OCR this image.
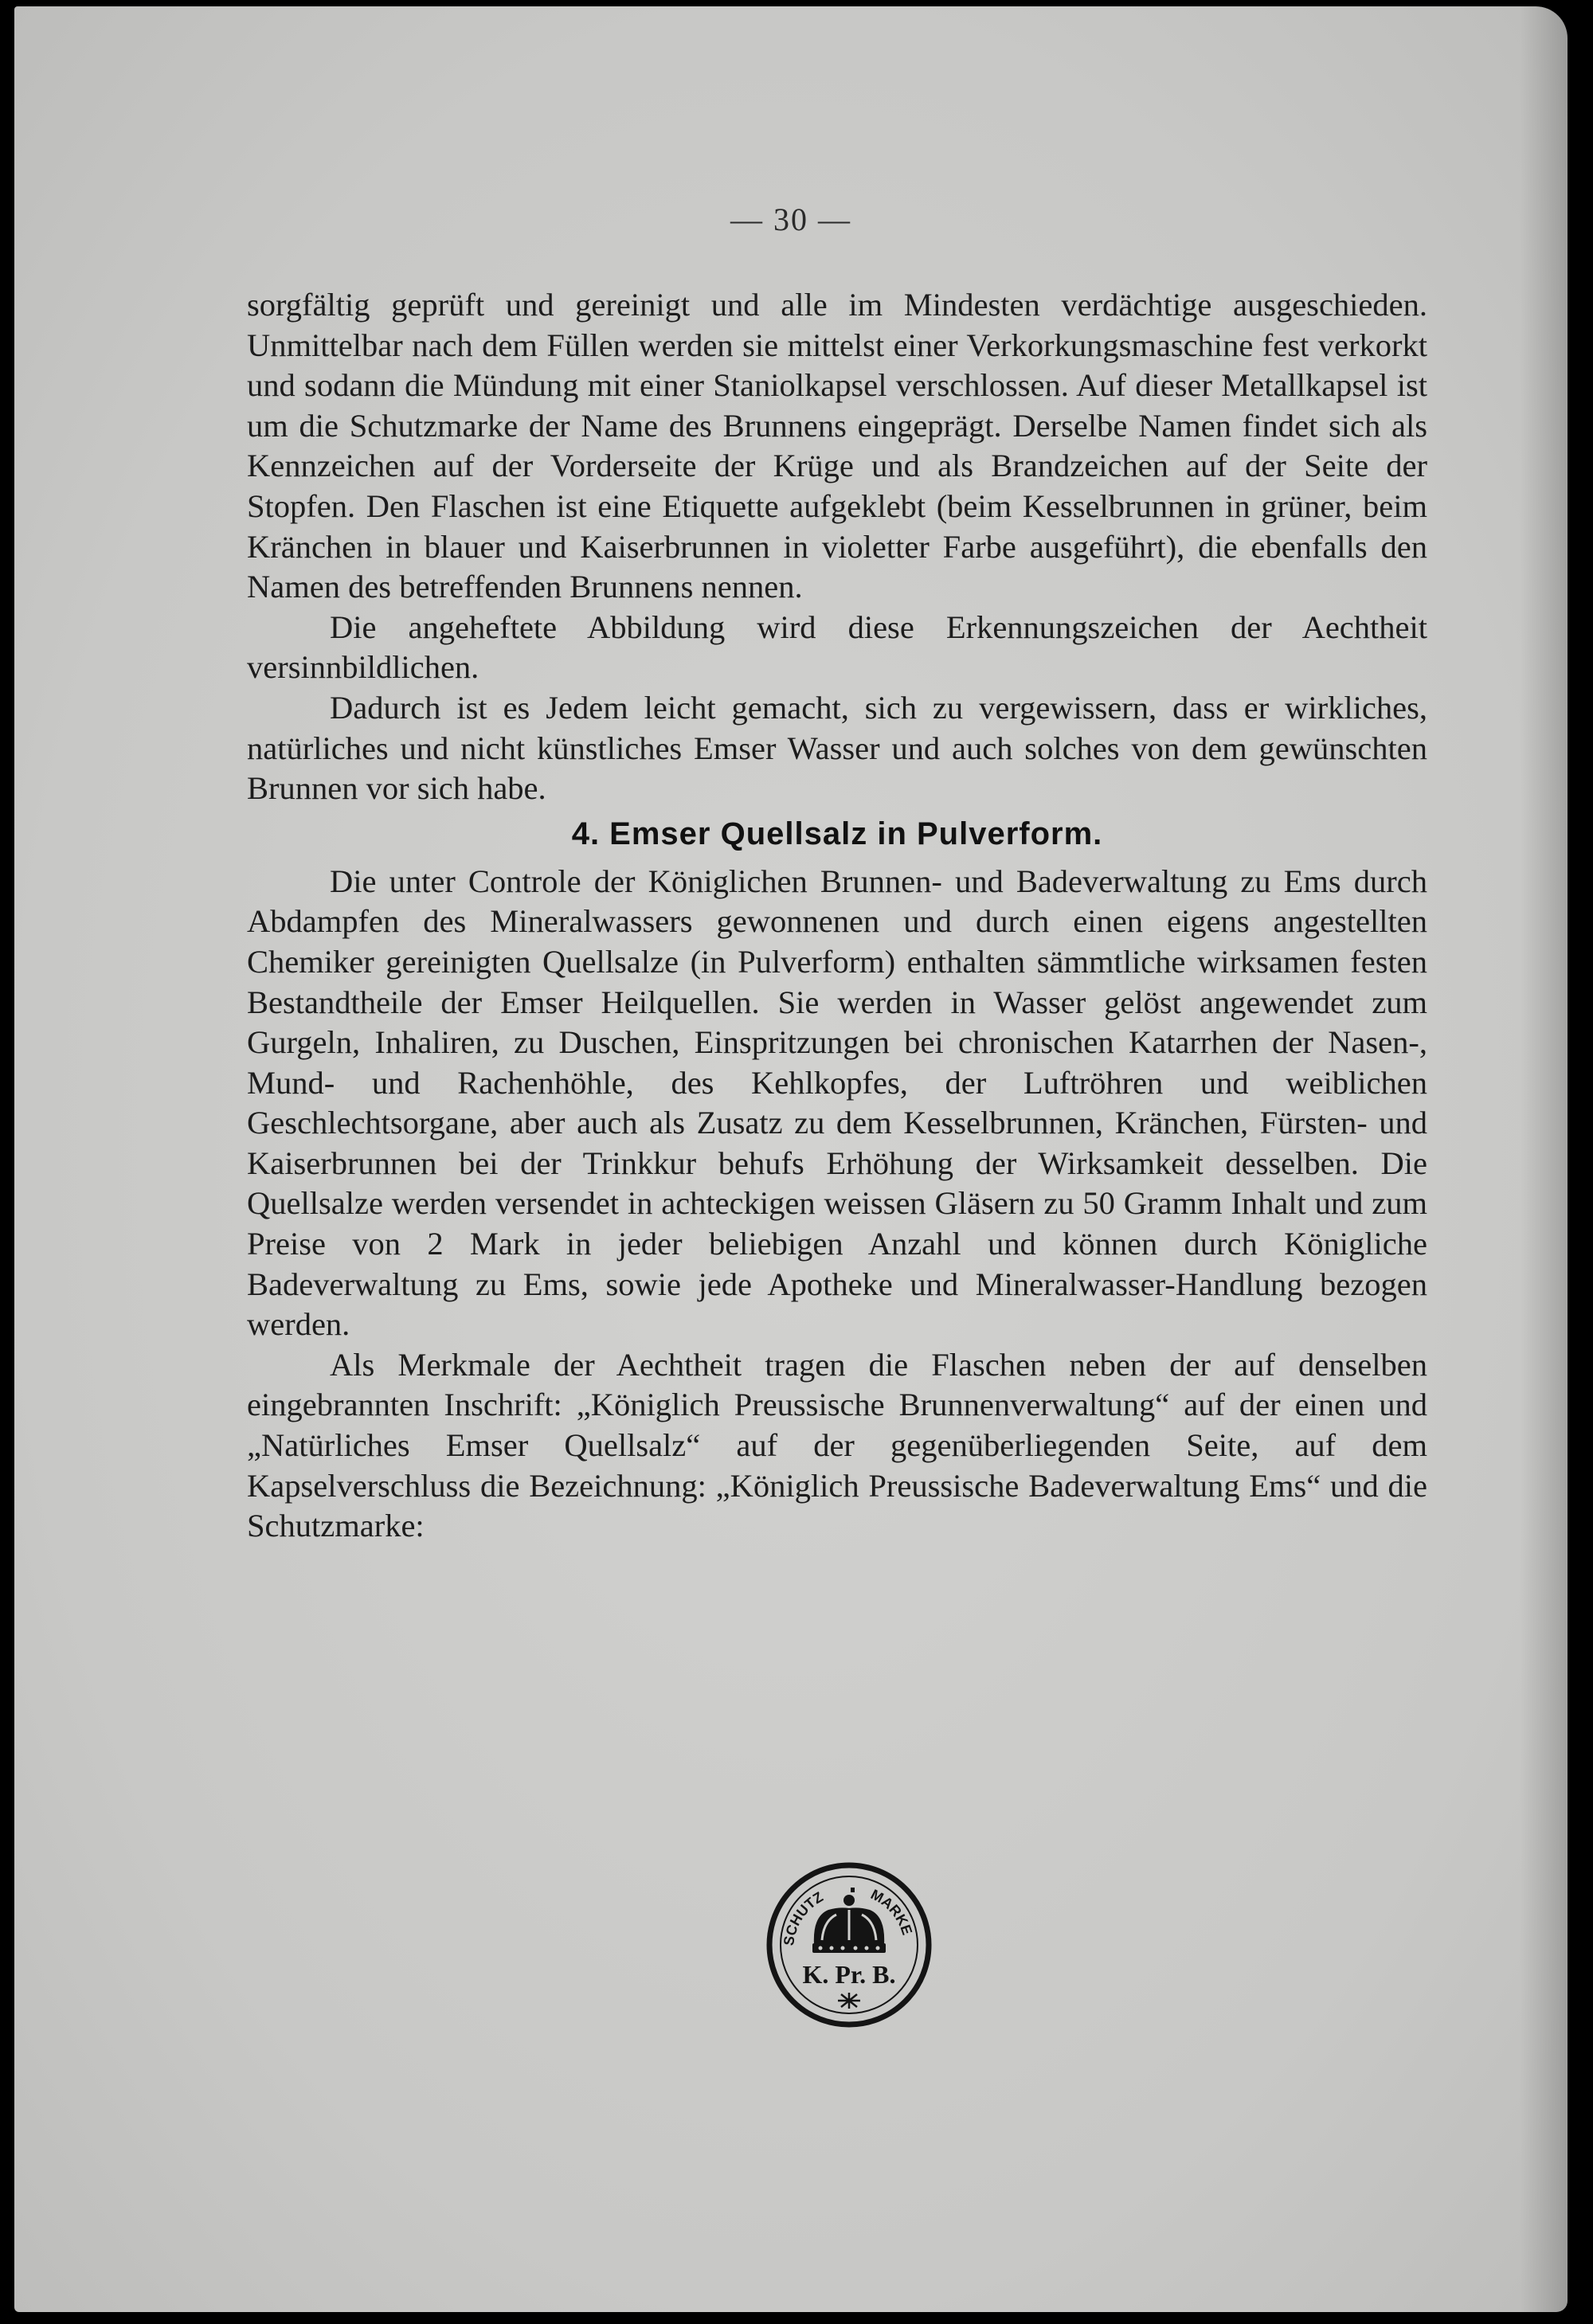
— 30 —

sorgfältig geprüft und gereinigt und alle im Mindesten verdächtige ausgeschieden. Unmittelbar nach dem Füllen werden sie mittelst einer Verkorkungsmaschine fest verkorkt und sodann die Mündung mit einer Staniolkapsel verschlossen. Auf dieser Metallkapsel ist um die Schutzmarke der Name des Brunnens eingeprägt. Derselbe Namen findet sich als Kennzeichen auf der Vorderseite der Krüge und als Brandzeichen auf der Seite der Stopfen. Den Flaschen ist eine Etiquette aufgeklebt (beim Kesselbrunnen in grüner, beim Kränchen in blauer und Kaiserbrunnen in violetter Farbe ausgeführt), die ebenfalls den Namen des betreffenden Brunnens nennen.

Die angeheftete Abbildung wird diese Erkennungszeichen der Aechtheit versinnbildlichen.

Dadurch ist es Jedem leicht gemacht, sich zu vergewissern, dass er wirkliches, natürliches und nicht künstliches Emser Wasser und auch solches von dem gewünschten Brunnen vor sich habe.

4. Emser Quellsalz in Pulverform.

Die unter Controle der Königlichen Brunnen- und Badeverwaltung zu Ems durch Abdampfen des Mineralwassers gewonnenen und durch einen eigens angestellten Chemiker gereinigten Quellsalze (in Pulverform) enthalten sämmtliche wirksamen festen Bestandtheile der Emser Heilquellen. Sie werden in Wasser gelöst angewendet zum Gurgeln, Inhaliren, zu Duschen, Einspritzungen bei chronischen Katarrhen der Nasen-, Mund- und Rachenhöhle, des Kehlkopfes, der Luftröhren und weiblichen Geschlechtsorgane, aber auch als Zusatz zu dem Kesselbrunnen, Kränchen, Fürsten- und Kaiserbrunnen bei der Trinkkur behufs Erhöhung der Wirksamkeit desselben. Die Quellsalze werden versendet in achteckigen weissen Gläsern zu 50 Gramm Inhalt und zum Preise von 2 Mark in jeder beliebigen Anzahl und können durch Königliche Badeverwaltung zu Ems, sowie jede Apotheke und Mineralwasser-Handlung bezogen werden.

Als Merkmale der Aechtheit tragen die Flaschen neben der auf denselben eingebrannten Inschrift: „Königlich Preussische Brunnenverwaltung“ auf der einen und „Natürliches Emser Quellsalz“ auf der gegenüberliegenden Seite, auf dem Kapselverschluss die Bezeichnung: „Königlich Preussische Badeverwaltung Ems“ und die Schutzmarke:

SCHUTZ	MARKE
K. Pr. B.
